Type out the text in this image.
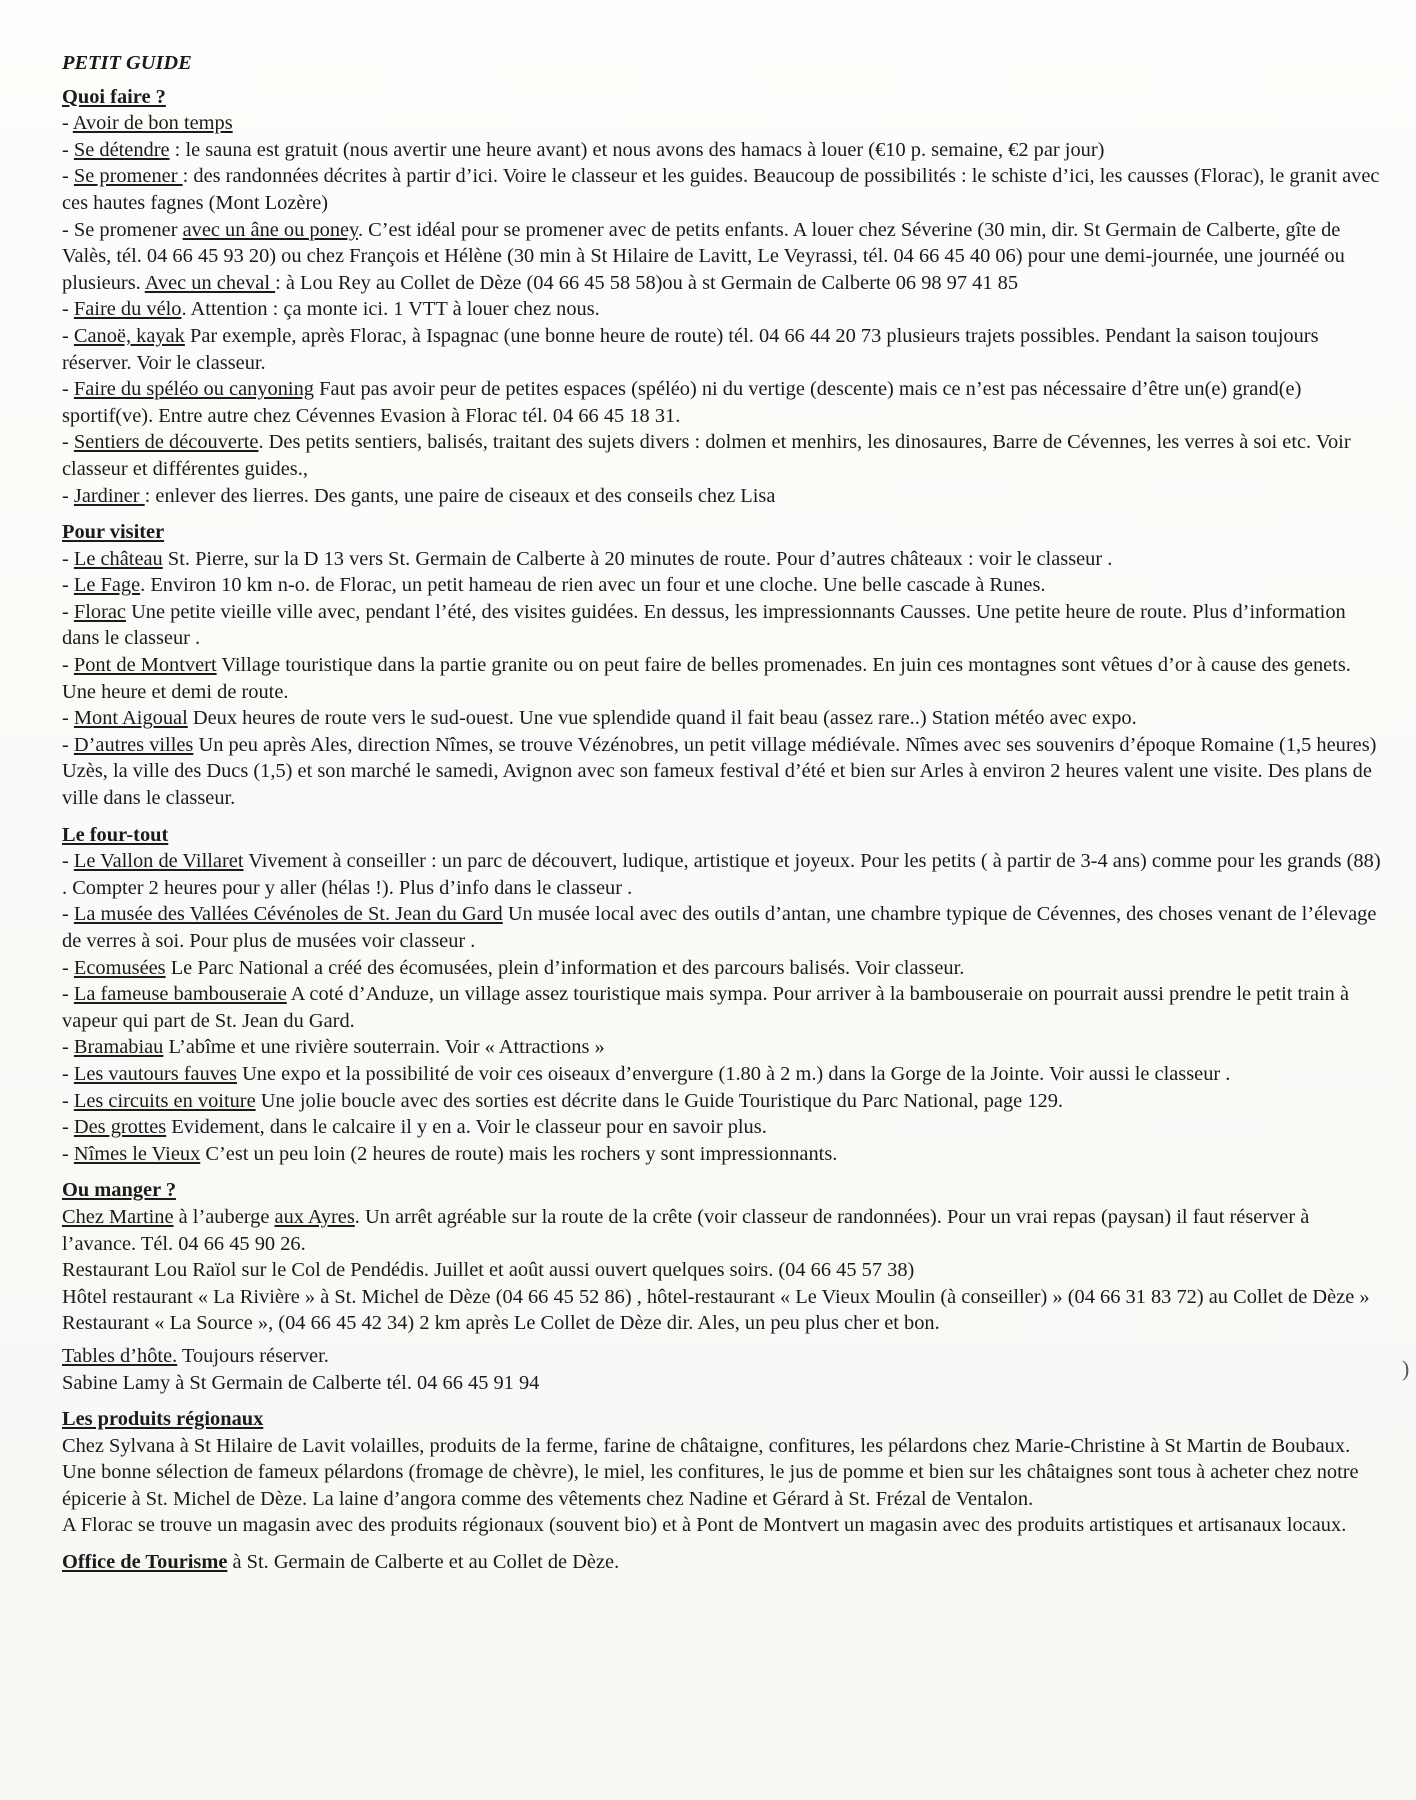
PETIT GUIDE
Quoi faire ?
- Avoir de bon temps
- Se détendre : le sauna est gratuit (nous avertir une heure avant) et nous avons des hamacs à louer (€10 p. semaine, €2 par jour)
- Se promener : des randonnées décrites à partir d’ici. Voire le classeur et les guides. Beaucoup de possibilités : le schiste d’ici, les causses (Florac), le granit avec ces hautes fagnes (Mont Lozère)
- Se promener avec un âne ou poney. C’est idéal pour se promener avec de petits enfants. A louer chez Séverine (30 min, dir. St Germain de Calberte, gîte de Valès, tél. 04 66 45 93 20) ou chez François et Hélène (30 min à St Hilaire de Lavitt, Le Veyrassi, tél. 04 66 45 40 06) pour une demi-journée, une journéé ou plusieurs. Avec un cheval : à Lou Rey au Collet de Dèze (04 66 45 58 58)ou à st Germain de Calberte 06 98 97 41 85
- Faire du vélo. Attention : ça monte ici. 1 VTT à louer chez nous.
- Canoë, kayak Par exemple, après Florac, à Ispagnac (une bonne heure de route) tél. 04 66 44 20 73 plusieurs trajets possibles. Pendant la saison toujours réserver. Voir le classeur.
- Faire du spéléo ou canyoning Faut pas avoir peur de petites espaces (spéléo) ni du vertige (descente) mais ce n’est pas nécessaire d’être un(e) grand(e) sportif(ve). Entre autre chez Cévennes Evasion à Florac tél. 04 66 45 18 31.
- Sentiers de découverte. Des petits sentiers, balisés, traitant des sujets divers : dolmen et menhirs, les dinosaures, Barre de Cévennes, les verres à soi etc. Voir classeur et différentes guides.,
- Jardiner : enlever des lierres. Des gants, une paire de ciseaux et des conseils chez Lisa
Pour visiter
- Le château St. Pierre, sur la D 13 vers St. Germain de Calberte à 20 minutes de route. Pour d’autres châteaux : voir le classeur .
- Le Fage. Environ 10 km n-o. de Florac, un petit hameau de rien avec un four et une cloche. Une belle cascade à Runes.
- Florac Une petite vieille ville avec, pendant l’été, des visites guidées. En dessus, les impressionnants Causses. Une petite heure de route. Plus d’information dans le classeur .
- Pont de Montvert Village touristique dans la partie granite ou on peut faire de belles promenades. En juin ces montagnes sont vêtues d’or à cause des genets. Une heure et demi de route.
- Mont Aigoual Deux heures de route vers le sud-ouest. Une vue splendide quand il fait beau (assez rare..) Station météo avec expo.
- D’autres villes Un peu après Ales, direction Nîmes, se trouve Vézénobres, un petit village médiévale. Nîmes avec ses souvenirs d’époque Romaine (1,5 heures) Uzès, la ville des Ducs (1,5) et son marché le samedi, Avignon avec son fameux festival d’été et bien sur Arles à environ 2 heures valent une visite. Des plans de ville dans le classeur.
Le four-tout
- Le Vallon de Villaret Vivement à conseiller : un parc de découvert, ludique, artistique et joyeux. Pour les petits ( à partir de 3-4 ans) comme pour les grands (88) . Compter 2 heures pour y aller (hélas !). Plus d’info dans le classeur .
- La musée des Vallées Cévénoles de St. Jean du Gard Un musée local avec des outils d’antan, une chambre typique de Cévennes, des choses venant de l’élevage de verres à soi. Pour plus de musées voir classeur .
- Ecomusées Le Parc National a créé des écomusées, plein d’information et des parcours balisés. Voir classeur.
- La fameuse bambouseraie A coté d’Anduze, un village assez touristique mais sympa. Pour arriver à la bambouseraie on pourrait aussi prendre le petit train à vapeur qui part de St. Jean du Gard.
- Bramabiau L’abîme et une rivière souterrain. Voir « Attractions »
- Les vautours fauves Une expo et la possibilité de voir ces oiseaux d’envergure (1.80 à 2 m.) dans la Gorge de la Jointe. Voir aussi le classeur .
- Les circuits en voiture Une jolie boucle avec des sorties est décrite dans le Guide Touristique du Parc National, page 129.
- Des grottes Evidement, dans le calcaire il y en a. Voir le classeur pour en savoir plus.
- Nîmes le Vieux C’est un peu loin (2 heures de route) mais les rochers y sont impressionnants.
Ou manger ?
Chez Martine à l’auberge aux Ayres. Un arrêt agréable sur la route de la crête (voir classeur de randonnées). Pour un vrai repas (paysan) il faut réserver à l’avance. Tél. 04 66 45 90 26.
Restaurant Lou Raïol sur le Col de Pendédis. Juillet et août aussi ouvert quelques soirs. (04 66 45 57 38)
Hôtel restaurant « La Rivière » à St. Michel de Dèze (04 66 45 52 86) , hôtel-restaurant « Le Vieux Moulin (à conseiller) » (04 66 31 83 72) au Collet de Dèze » Restaurant « La Source », (04 66 45 42 34) 2 km après Le Collet de Dèze dir. Ales, un peu plus cher et bon.
Tables d’hôte. Toujours réserver.
Sabine Lamy à St Germain de Calberte tél. 04 66 45 91 94
Les produits régionaux
Chez Sylvana à St Hilaire de Lavit volailles, produits de la ferme, farine de châtaigne, confitures, les pélardons chez Marie-Christine à St Martin de Boubaux. Une bonne sélection de fameux pélardons (fromage de chèvre), le miel, les confitures, le jus de pomme et bien sur les châtaignes sont tous à acheter chez notre épicerie à St. Michel de Dèze. La laine d’angora comme des vêtements chez Nadine et Gérard à St. Frézal de Ventalon.
A Florac se trouve un magasin avec des produits régionaux (souvent bio) et à Pont de Montvert un magasin avec des produits artistiques et artisanaux locaux.
Office de Tourisme à St. Germain de Calberte et au Collet de Dèze.
)
